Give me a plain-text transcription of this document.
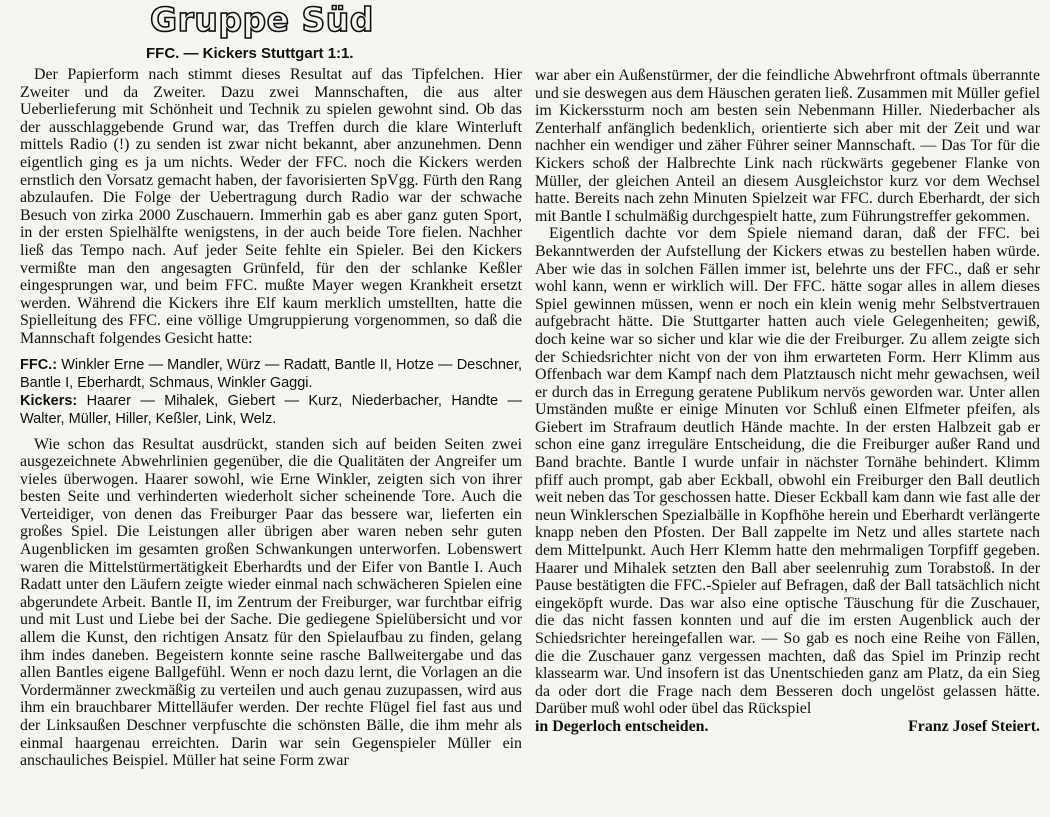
Gruppe Süd
FFC. — Kickers Stuttgart 1:1.

Der Papierform nach stimmt dieses Resultat auf das Tipfelchen. Hier Zweiter und da Zweiter. Dazu zwei Mannschaften, die aus alter Ueberlieferung mit Schönheit und Technik zu spielen gewohnt sind. Ob das der ausschlaggebende Grund war, das Treffen durch die klare Winterluft mittels Radio (!) zu senden ist zwar nicht bekannt, aber anzunehmen. Denn eigentlich ging es ja um nichts. Weder der FFC. noch die Kickers werden ernstlich den Vorsatz gemacht haben, der favorisierten SpVgg. Fürth den Rang abzulaufen. Die Folge der Uebertragung durch Radio war der schwache Besuch von zirka 2000 Zuschauern. Immerhin gab es aber ganz guten Sport, in der ersten Spielhälfte wenigstens, in der auch beide Tore fielen. Nachher ließ das Tempo nach. Auf jeder Seite fehlte ein Spieler. Bei den Kickers vermißte man den angesagten Grünfeld, für den der schlanke Keßler eingesprungen war, und beim FFC. mußte Mayer wegen Krankheit ersetzt werden. Während die Kickers ihre Elf kaum merklich umstellten, hatte die Spielleitung des FFC. eine völlige Umgruppierung vorgenommen, so daß die Mannschaft folgendes Gesicht hatte:

FFC.: Winkler Erne — Mandler, Würz — Radatt, Bantle II, Hotze — Deschner, Bantle I, Eberhardt, Schmaus, Winkler Gaggi.

Kickers: Haarer — Mihalek, Giebert — Kurz, Niederbacher, Handte — Walter, Müller, Hiller, Keßler, Link, Welz.

Wie schon das Resultat ausdrückt, standen sich auf beiden Seiten zwei ausgezeichnete Abwehrlinien gegenüber, die die Qualitäten der Angreifer um vieles überwogen. Haarer sowohl, wie Erne Winkler, zeigten sich von ihrer besten Seite und verhinderten wiederholt sicher scheinende Tore. Auch die Verteidiger, von denen das Freiburger Paar das bessere war, lieferten ein großes Spiel. Die Leistungen aller übrigen aber waren neben sehr guten Augenblicken im gesamten großen Schwankungen unterworfen. Lobenswert waren die Mittelstürmertätigkeit Eberhardts und der Eifer von Bantle I. Auch Radatt unter den Läufern zeigte wieder einmal nach schwächeren Spielen eine abgerundete Arbeit. Bantle II, im Zentrum der Freiburger, war furchtbar eifrig und mit Lust und Liebe bei der Sache. Die gediegene Spielübersicht und vor allem die Kunst, den richtigen Ansatz für den Spielaufbau zu finden, gelang ihm indes daneben. Begeistern konnte seine rasche Ballweitergabe und das allen Bantles eigene Ballgefühl. Wenn er noch dazu lernt, die Vorlagen an die Vordermänner zweckmäßig zu verteilen und auch genau zuzupassen, wird aus ihm ein brauchbarer Mittelläufer werden. Der rechte Flügel fiel fast aus und der Linksaußen Deschner verpfuschte die schönsten Bälle, die ihm mehr als einmal haargenau erreichten. Darin war sein Gegenspieler Müller ein anschauliches Beispiel. Müller hat seine Form zwar

war aber ein Außenstürmer, der die feindliche Abwehrfront oftmals überrannte und sie deswegen aus dem Häuschen geraten ließ. Zusammen mit Müller gefiel im Kickerssturm noch am besten sein Nebenmann Hiller. Niederbacher als Zenterhalf anfänglich bedenklich, orientierte sich aber mit der Zeit und war nachher ein wendiger und zäher Führer seiner Mannschaft. — Das Tor für die Kickers schoß der Halbrechte Link nach rückwärts gegebener Flanke von Müller, der gleichen Anteil an diesem Ausgleichstor kurz vor dem Wechsel hatte. Bereits nach zehn Minuten Spielzeit war FFC. durch Eberhardt, der sich mit Bantle I schulmäßig durchgespielt hatte, zum Führungstreffer gekommen.

Eigentlich dachte vor dem Spiele niemand daran, daß der FFC. bei Bekanntwerden der Aufstellung der Kickers etwas zu bestellen haben würde. Aber wie das in solchen Fällen immer ist, belehrte uns der FFC., daß er sehr wohl kann, wenn er wirklich will. Der FFC. hätte sogar alles in allem dieses Spiel gewinnen müssen, wenn er noch ein klein wenig mehr Selbstvertrauen aufgebracht hätte. Die Stuttgarter hatten auch viele Gelegenheiten; gewiß, doch keine war so sicher und klar wie die der Freiburger. Zu allem zeigte sich der Schiedsrichter nicht von der von ihm erwarteten Form. Herr Klimm aus Offenbach war dem Kampf nach dem Platztausch nicht mehr gewachsen, weil er durch das in Erregung geratene Publikum nervös geworden war. Unter allen Umständen mußte er einige Minuten vor Schluß einen Elfmeter pfeifen, als Giebert im Strafraum deutlich Hände machte. In der ersten Halbzeit gab er schon eine ganz irreguläre Entscheidung, die die Freiburger außer Rand und Band brachte. Bantle I wurde unfair in nächster Tornähe behindert. Klimm pfiff auch prompt, gab aber Eckball, obwohl ein Freiburger den Ball deutlich weit neben das Tor geschossen hatte. Dieser Eckball kam dann wie fast alle der neun Winklerschen Spezialbälle in Kopfhöhe herein und Eberhardt verlängerte knapp neben den Pfosten. Der Ball zappelte im Netz und alles startete nach dem Mittelpunkt. Auch Herr Klemm hatte den mehrmaligen Torpfiff gegeben. Haarer und Mihalek setzten den Ball aber seelenruhig zum Torabstoß. In der Pause bestätigten die FFC.-Spieler auf Befragen, daß der Ball tatsächlich nicht eingeköpft wurde. Das war also eine optische Täuschung für die Zuschauer, die das nicht fassen konnten und auf die im ersten Augenblick auch der Schiedsrichter hereingefallen war. — So gab es noch eine Reihe von Fällen, die die Zuschauer ganz vergessen machten, daß das Spiel im Prinzip recht klassearm war. Und insofern ist das Unentschieden ganz am Platz, da ein Sieg da oder dort die Frage nach dem Besseren doch ungelöst gelassen hätte. Darüber muß wohl oder übel das Rückspiel

in Degerloch entscheiden.	Franz Josef Steiert.
